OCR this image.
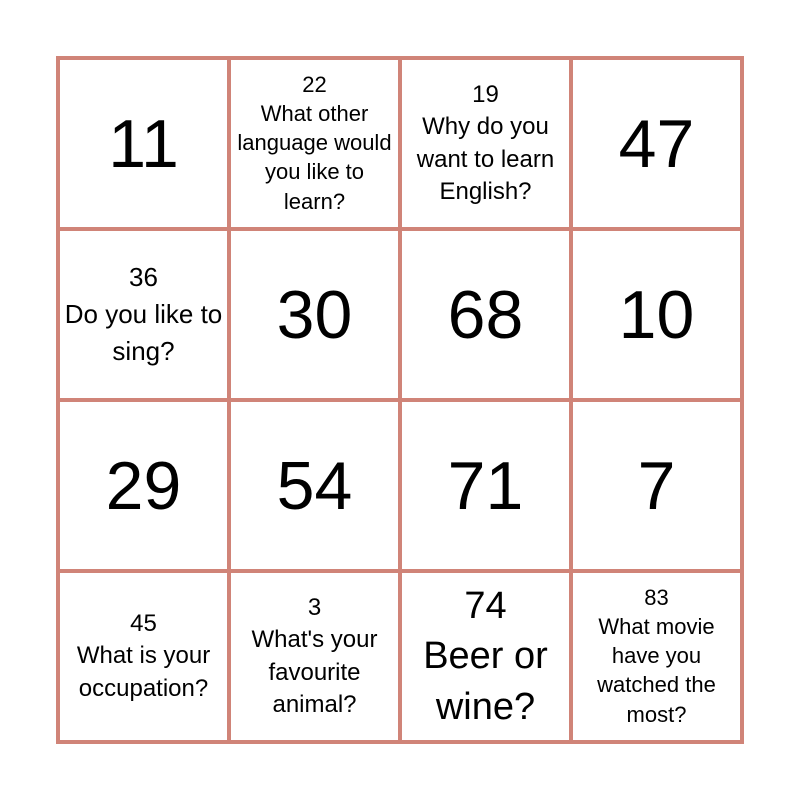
11
22
What other language would you like to learn?
19
Why do you want to learn English?
47
36
Do you like to sing?	30 68 10
29 54 71 7
45
What is your occupation?
3
What's your favourite animal?
74
Beer or wine?
83
What movie have you watched the most?
